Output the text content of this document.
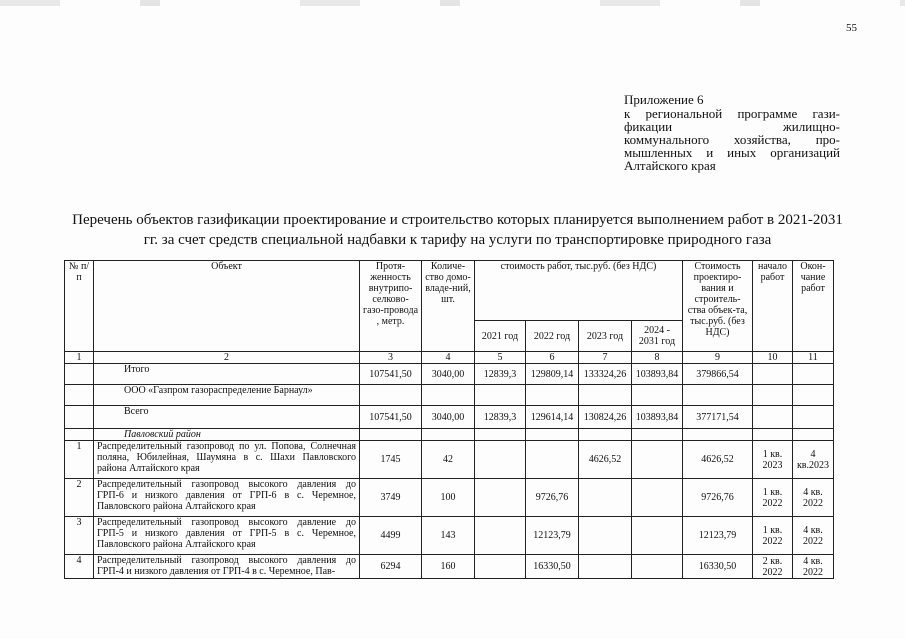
55
Приложение 6
к региональной программе гази-
фикации жилищно-
коммунального хозяйства, про-
мышленных и иных организаций
Алтайского края
Перечень объектов газификации проектирование и строительство которых планируется выполнением работ в 2021-2031 гг. за счет средств специальной надбавки к тарифу на услуги по транспортировке природного газа
№ п/п	Объект	Протя-женность внутрипо-селково-газо-провода , метр.	Количе-ство домо-владе-ний, шт.	стоимость работ, тыс.руб. (без НДС)				Стоимость проектиро-вания и строитель-ства объек-та, тыс.руб. (без НДС)	начало работ	Окон-чание работ
				2021 год	2022 год	2023 год	2024 - 2031 год			
1	2	3	4	5	6	7	8	9	10	11
	Итого	107541,50	3040,00	12839,3	129809,14	133324,26	103893,84	379866,54		
	ООО «Газпром газораспределение Барнаул»									
	Всего	107541,50	3040,00	12839,3	129614,14	130824,26	103893,84	377171,54		
	Павловский район									
1	Распределительный газопровод по ул. Попова, Солнечная поляна, Юбилейная, Шаумяна в с. Шахи Павловского района Алтайского края	1745	42			4626,52		4626,52	1 кв. 2023	4 кв.2023
2	Распределительный газопровод высокого давления до ГРП-6 и низкого давления от ГРП-6 в с. Черемное, Павловского района Алтайского края	3749	100		9726,76			9726,76	1 кв. 2022	4 кв. 2022
3	Распределительный газопровод высокого давление до ГРП-5 и низкого давления от ГРП-5 в с. Черемное, Павловского района Алтайского края	4499	143		12123,79			12123,79	1 кв. 2022	4 кв. 2022
4	Распределительный газопровод высокого давления до ГРП-4 и низкого давления от ГРП-4 в с. Черемное, Пав-	6294	160		16330,50			16330,50	2 кв. 2022	4 кв. 2022
